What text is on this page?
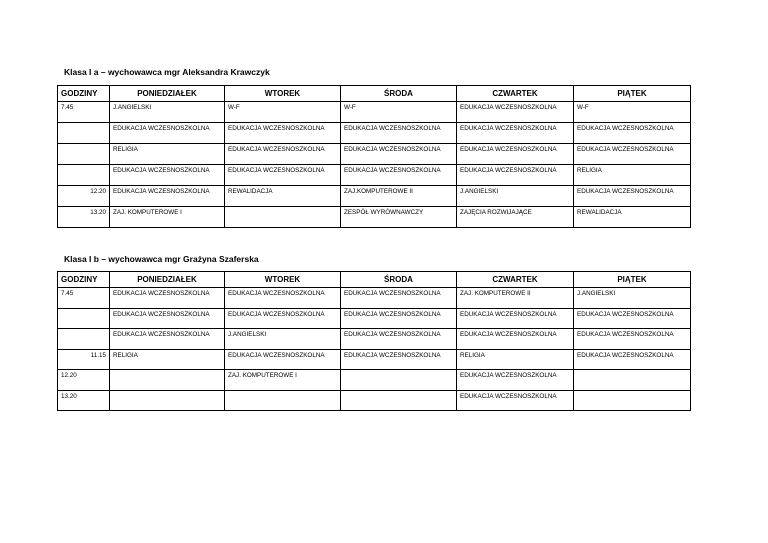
Klasa I a – wychowawca mgr Aleksandra Krawczyk
GODZINY	PONIEDZIAŁEK	WTOREK	ŚRODA	CZWARTEK	PIĄTEK
7.45	J.ANGIELSKI	W-F	W-F	EDUKACJA WCZESNOSZKOLNA	W-F
	EDUKACJA WCZESNOSZKOLNA	EDUKACJA WCZESNOSZKOLNA	EDUKACJA WCZESNOSZKOLNA	EDUKACJA WCZESNOSZKOLNA	EDUKACJA WCZESNOSZKOLNA
	RELIGIA	EDUKACJA WCZESNOSZKOLNA	EDUKACJA WCZESNOSZKOLNA	EDUKACJA WCZESNOSZKOLNA	EDUKACJA WCZESNOSZKOLNA
	EDUKACJA WCZESNOSZKOLNA	EDUKACJA WCZESNOSZKOLNA	EDUKACJA WCZESNOSZKOLNA	EDUKACJA WCZESNOSZKOLNA	RELIGIA
12.20	EDUKACJA WCZESNOSZKOLNA	REWALIDACJA	ZAJ.KOMPUTEROWE II	J.ANGIELSKI	EDUKACJA WCZESNOSZKOLNA
13.20	ZAJ. KOMPUTEROWE I		ZESPÓŁ WYRÓWNAWCZY	ZAJĘCIA ROZWIJAJĄCE	REWALIDACJA
Klasa I b – wychowawca mgr Grażyna Szaferska
GODZINY	PONIEDZIAŁEK	WTOREK	ŚRODA	CZWARTEK	PIĄTEK
7.45	EDUKACJA WCZESNOSZKOLNA	EDUKACJA WCZESNOSZKOLNA	EDUKACJA WCZESNOSZKOLNA	ZAJ. KOMPUTEROWE II	J.ANGIELSKI
	EDUKACJA WCZESNOSZKOLNA	EDUKACJA WCZESNOSZKOLNA	EDUKACJA WCZESNOSZKOLNA	EDUKACJA WCZESNOSZKOLNA	EDUKACJA WCZESNOSZKOLNA
	EDUKACJA WCZESNOSZKOLNA	J.ANGIELSKI	EDUKACJA WCZESNOSZKOLNA	EDUKACJA WCZESNOSZKOLNA	EDUKACJA WCZESNOSZKOLNA
11.15	RELIGIA	EDUKACJA WCZESNOSZKOLNA	EDUKACJA WCZESNOSZKOLNA	RELIGIA	EDUKACJA WCZESNOSZKOLNA
12.20		ZAJ. KOMPUTEROWE I		EDUKACJA WCZESNOSZKOLNA	
13.20				EDUKACJA WCZESNOSZKOLNA	
